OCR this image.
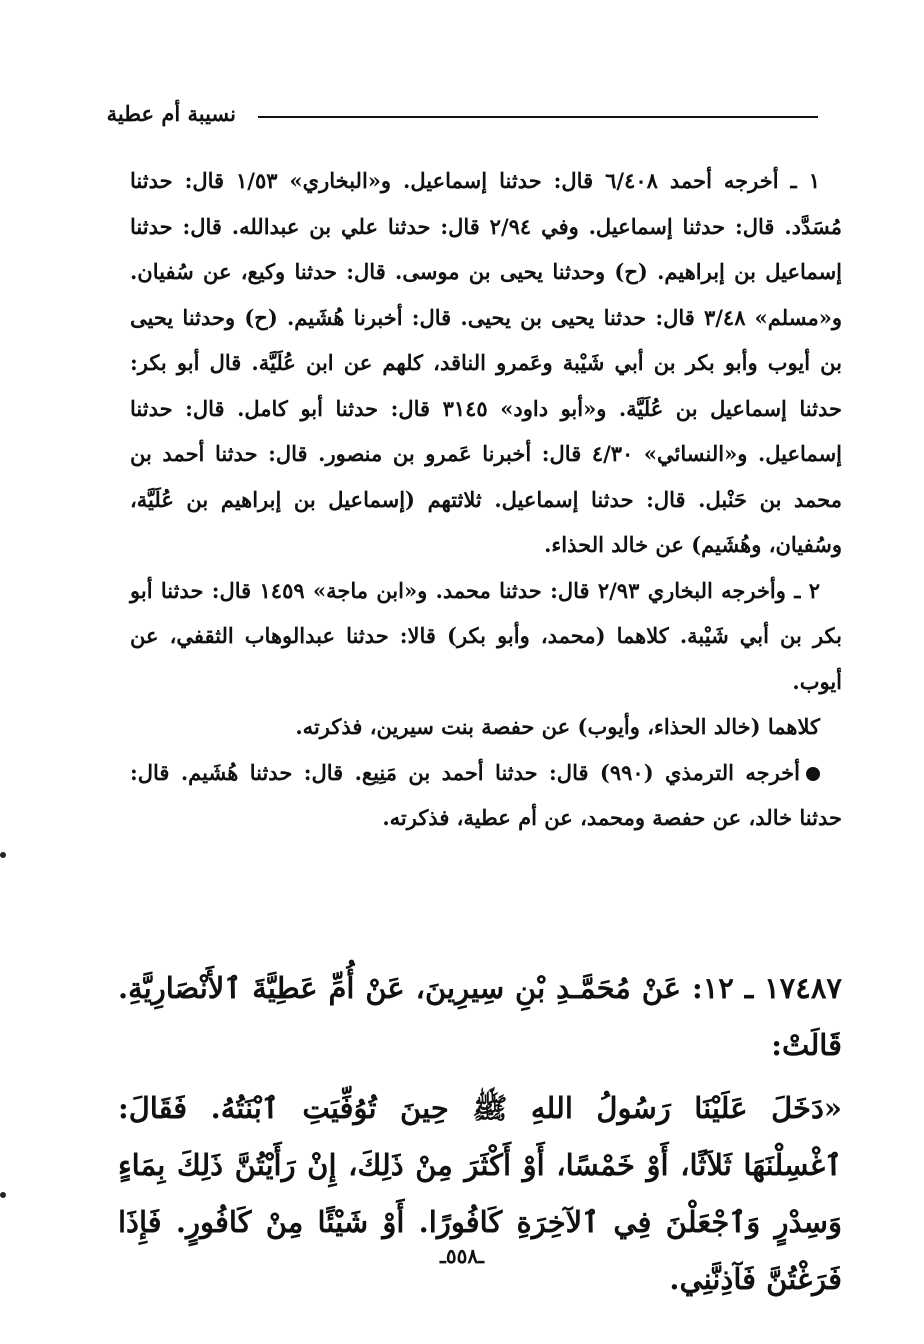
نسيبة أم عطية

١ ـ أخرجه أحمد ٦/٤٠٨ قال: حدثنا إسماعيل. و«البخاري» ١/٥٣ قال: حدثنا مُسَدَّد. قال: حدثنا إسماعيل. وفي ٢/٩٤ قال: حدثنا علي بن عبدالله. قال: حدثنا إسماعيل بن إبراهيم. (ح) وحدثنا يحيى بن موسى. قال: حدثنا وكيع، عن سُفيان. و«مسلم» ٣/٤٨ قال: حدثنا يحيى بن يحيى. قال: أخبرنا هُشَيم. (ح) وحدثنا يحيى بن أيوب وأبو بكر بن أبي شَيْبة وعَمرو الناقد، كلهم عن ابن عُلَيَّة. قال أبو بكر: حدثنا إسماعيل بن عُلَيَّة. و«أبو داود» ٣١٤٥ قال: حدثنا أبو كامل. قال: حدثنا إسماعيل. و«النسائي» ٤/٣٠ قال: أخبرنا عَمرو بن منصور. قال: حدثنا أحمد بن محمد بن حَنْبل. قال: حدثنا إسماعيل. ثلاثتهم (إسماعيل بن إبراهيم بن عُلَيَّة، وسُفيان، وهُشَيم) عن خالد الحذاء.

٢ ـ وأخرجه البخاري ٢/٩٣ قال: حدثنا محمد. و«ابن ماجة» ١٤٥٩ قال: حدثنا أبو بكر بن أبي شَيْبة. كلاهما (محمد، وأبو بكر) قالا: حدثنا عبدالوهاب الثقفي، عن أيوب.

كلاهما (خالد الحذاء، وأيوب) عن حفصة بنت سيرين، فذكرته.

أخرجه الترمذي (٩٩٠) قال: حدثنا أحمد بن مَنِيع. قال: حدثنا هُشَيم. قال: حدثنا خالد، عن حفصة ومحمد، عن أم عطية، فذكرته.

١٧٤٨٧ ـ ١٢: عَنْ مُحَمَّـدِ بْنِ سِيرِينَ، عَنْ أُمِّ عَطِيَّةَ ٱلأَنْصَارِيَّةِ. قَالَتْ:

«دَخَلَ عَلَيْنَا رَسُولُ اللهِ ﷺ حِينَ تُوُفِّيَتِ ٱبْنَتُهُ. فَقَالَ: ٱغْسِلْنَهَا ثَلاَثًا، أَوْ خَمْسًا، أَوْ أَكْثَرَ مِنْ ذَلِكَ، إِنْ رَأَيْتُنَّ ذَلِكَ بِمَاءٍ وَسِدْرٍ وَٱجْعَلْنَ فِي ٱلآخِرَةِ كَافُورًا. أَوْ شَيْئًا مِنْ كَافُورٍ. فَإِذَا فَرَغْتُنَّ فَآذِنَّنِي.

ـ٥٥٨ـ
